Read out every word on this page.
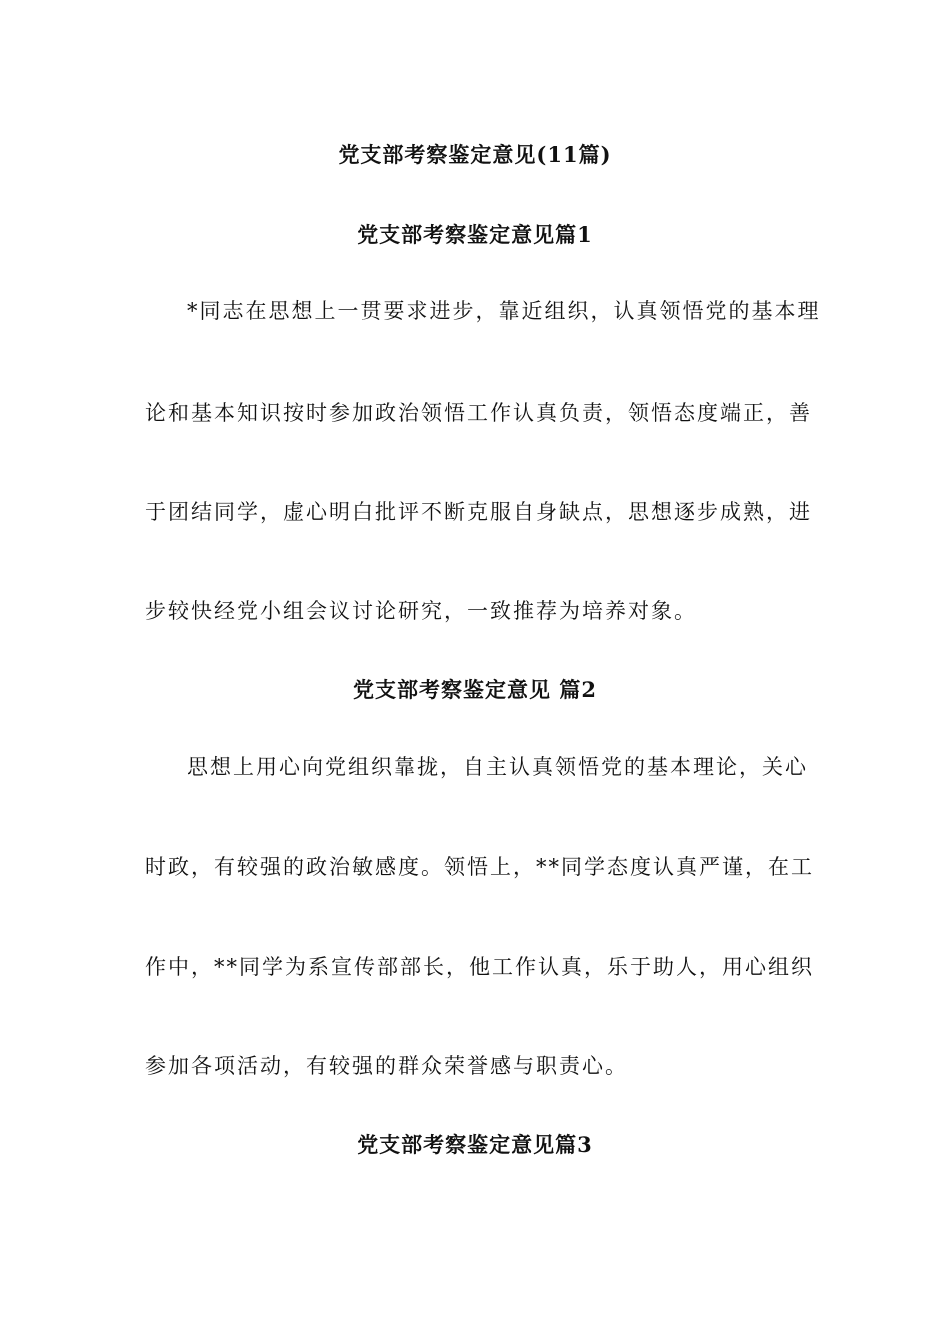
党支部考察鉴定意见(11篇)
党支部考察鉴定意见篇1
*同志在思想上一贯要求进步，靠近组织，认真领悟党的基本理
论和基本知识按时参加政治领悟工作认真负责，领悟态度端正，善
于团结同学，虚心明白批评不断克服自身缺点，思想逐步成熟，进
步较快经党小组会议讨论研究，一致推荐为培养对象。
党支部考察鉴定意见 篇2
思想上用心向党组织靠拢，自主认真领悟党的基本理论，关心
时政，有较强的政治敏感度。领悟上，**同学态度认真严谨，在工
作中，**同学为系宣传部部长，他工作认真，乐于助人，用心组织
参加各项活动，有较强的群众荣誉感与职责心。
党支部考察鉴定意见篇3
